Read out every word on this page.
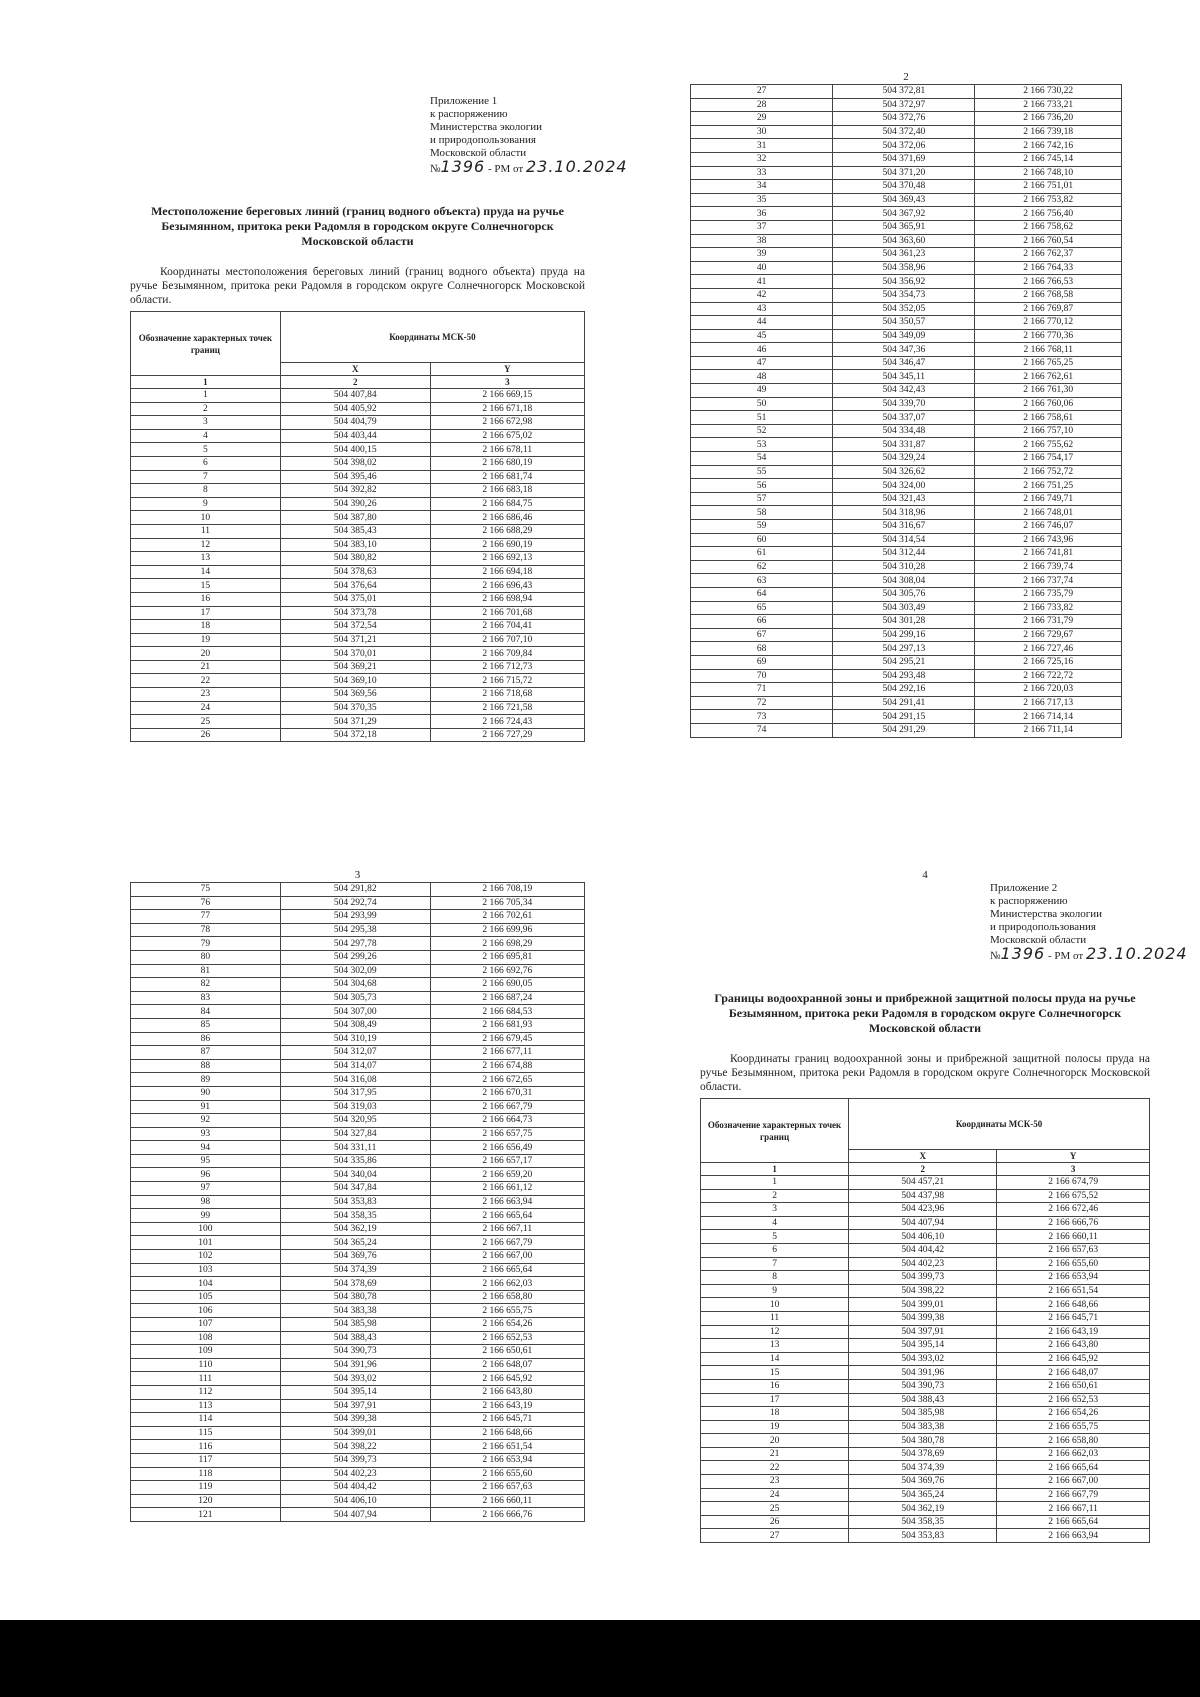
Приложение 1
к распоряжению
Министерства экологии
и природопользования
Московской области
№1396 - РМ от 23.10.2024
Местоположение береговых линий (границ водного объекта) пруда на ручье Безымянном, притока реки Радомля в городском округе Солнечногорск Московской области

Координаты местоположения береговых линий (границ водного объекта) пруда на ручье Безымянном, притока реки Радомля в городском округе Солнечногорск Московской области.

Обозначение характерных точек границ	Координаты МСК-50	
	X	Y
1	2	3
1	504 407,84	2 166 669,15
2	504 405,92	2 166 671,18
3	504 404,79	2 166 672,98
4	504 403,44	2 166 675,02
5	504 400,15	2 166 678,11
6	504 398,02	2 166 680,19
7	504 395,46	2 166 681,74
8	504 392,82	2 166 683,18
9	504 390,26	2 166 684,75
10	504 387,80	2 166 686,46
11	504 385,43	2 166 688,29
12	504 383,10	2 166 690,19
13	504 380,82	2 166 692,13
14	504 378,63	2 166 694,18
15	504 376,64	2 166 696,43
16	504 375,01	2 166 698,94
17	504 373,78	2 166 701,68
18	504 372,54	2 166 704,41
19	504 371,21	2 166 707,10
20	504 370,01	2 166 709,84
21	504 369,21	2 166 712,73
22	504 369,10	2 166 715,72
23	504 369,56	2 166 718,68
24	504 370,35	2 166 721,58
25	504 371,29	2 166 724,43
26	504 372,18	2 166 727,29
2
27	504 372,81	2 166 730,22
28	504 372,97	2 166 733,21
29	504 372,76	2 166 736,20
30	504 372,40	2 166 739,18
31	504 372,06	2 166 742,16
32	504 371,69	2 166 745,14
33	504 371,20	2 166 748,10
34	504 370,48	2 166 751,01
35	504 369,43	2 166 753,82
36	504 367,92	2 166 756,40
37	504 365,91	2 166 758,62
38	504 363,60	2 166 760,54
39	504 361,23	2 166 762,37
40	504 358,96	2 166 764,33
41	504 356,92	2 166 766,53
42	504 354,73	2 166 768,58
43	504 352,05	2 166 769,87
44	504 350,57	2 166 770,12
45	504 349,09	2 166 770,36
46	504 347,36	2 166 768,11
47	504 346,47	2 166 765,25
48	504 345,11	2 166 762,61
49	504 342,43	2 166 761,30
50	504 339,70	2 166 760,06
51	504 337,07	2 166 758,61
52	504 334,48	2 166 757,10
53	504 331,87	2 166 755,62
54	504 329,24	2 166 754,17
55	504 326,62	2 166 752,72
56	504 324,00	2 166 751,25
57	504 321,43	2 166 749,71
58	504 318,96	2 166 748,01
59	504 316,67	2 166 746,07
60	504 314,54	2 166 743,96
61	504 312,44	2 166 741,81
62	504 310,28	2 166 739,74
63	504 308,04	2 166 737,74
64	504 305,76	2 166 735,79
65	504 303,49	2 166 733,82
66	504 301,28	2 166 731,79
67	504 299,16	2 166 729,67
68	504 297,13	2 166 727,46
69	504 295,21	2 166 725,16
70	504 293,48	2 166 722,72
71	504 292,16	2 166 720,03
72	504 291,41	2 166 717,13
73	504 291,15	2 166 714,14
74	504 291,29	2 166 711,14
3
75	504 291,82	2 166 708,19
76	504 292,74	2 166 705,34
77	504 293,99	2 166 702,61
78	504 295,38	2 166 699,96
79	504 297,78	2 166 698,29
80	504 299,26	2 166 695,81
81	504 302,09	2 166 692,76
82	504 304,68	2 166 690,05
83	504 305,73	2 166 687,24
84	504 307,00	2 166 684,53
85	504 308,49	2 166 681,93
86	504 310,19	2 166 679,45
87	504 312,07	2 166 677,11
88	504 314,07	2 166 674,88
89	504 316,08	2 166 672,65
90	504 317,95	2 166 670,31
91	504 319,03	2 166 667,79
92	504 320,95	2 166 664,73
93	504 327,84	2 166 657,75
94	504 331,11	2 166 656,49
95	504 335,86	2 166 657,17
96	504 340,04	2 166 659,20
97	504 347,84	2 166 661,12
98	504 353,83	2 166 663,94
99	504 358,35	2 166 665,64
100	504 362,19	2 166 667,11
101	504 365,24	2 166 667,79
102	504 369,76	2 166 667,00
103	504 374,39	2 166 665,64
104	504 378,69	2 166 662,03
105	504 380,78	2 166 658,80
106	504 383,38	2 166 655,75
107	504 385,98	2 166 654,26
108	504 388,43	2 166 652,53
109	504 390,73	2 166 650,61
110	504 391,96	2 166 648,07
111	504 393,02	2 166 645,92
112	504 395,14	2 166 643,80
113	504 397,91	2 166 643,19
114	504 399,38	2 166 645,71
115	504 399,01	2 166 648,66
116	504 398,22	2 166 651,54
117	504 399,73	2 166 653,94
118	504 402,23	2 166 655,60
119	504 404,42	2 166 657,63
120	504 406,10	2 166 660,11
121	504 407,94	2 166 666,76
4
Приложение 2
к распоряжению
Министерства экологии
и природопользования
Московской области
№1396 - РМ от 23.10.2024
Границы водоохранной зоны и прибрежной защитной полосы пруда на ручье Безымянном, притока реки Радомля в городском округе Солнечногорск Московской области

Координаты границ водоохранной зоны и прибрежной защитной полосы пруда на ручье Безымянном, притока реки Радомля в городском округе Солнечногорск Московской области.

Обозначение характерных точек границ	Координаты МСК-50	
	X	Y
1	2	3
1	504 457,21	2 166 674,79
2	504 437,98	2 166 675,52
3	504 423,96	2 166 672,46
4	504 407,94	2 166 666,76
5	504 406,10	2 166 660,11
6	504 404,42	2 166 657,63
7	504 402,23	2 166 655,60
8	504 399,73	2 166 653,94
9	504 398,22	2 166 651,54
10	504 399,01	2 166 648,66
11	504 399,38	2 166 645,71
12	504 397,91	2 166 643,19
13	504 395,14	2 166 643,80
14	504 393,02	2 166 645,92
15	504 391,96	2 166 648,07
16	504 390,73	2 166 650,61
17	504 388,43	2 166 652,53
18	504 385,98	2 166 654,26
19	504 383,38	2 166 655,75
20	504 380,78	2 166 658,80
21	504 378,69	2 166 662,03
22	504 374,39	2 166 665,64
23	504 369,76	2 166 667,00
24	504 365,24	2 166 667,79
25	504 362,19	2 166 667,11
26	504 358,35	2 166 665,64
27	504 353,83	2 166 663,94
